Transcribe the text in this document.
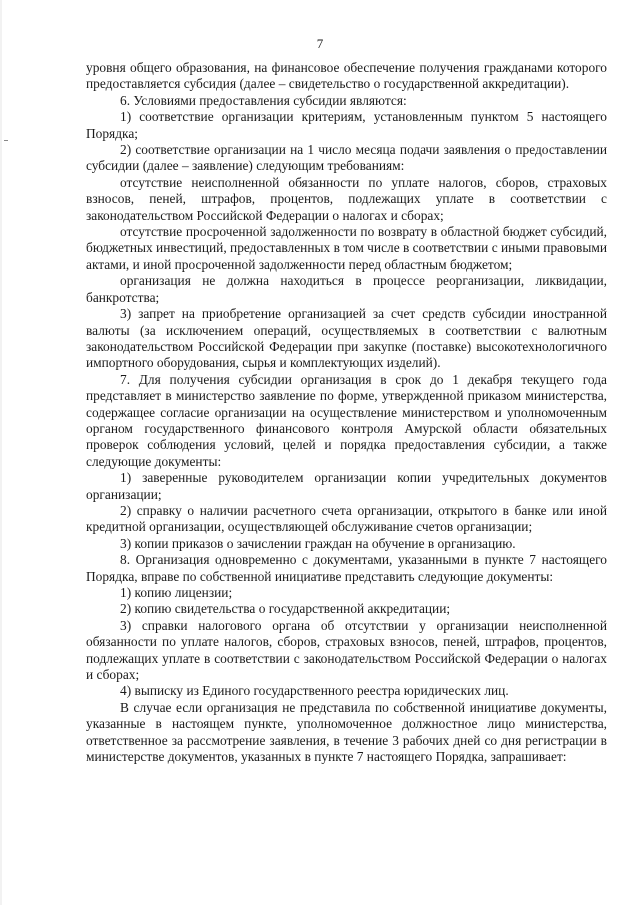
7

уровня общего образования, на финансовое обеспечение получения гражданами которого предоставляется субсидия (далее – свидетельство о государственной аккредитации).

6. Условиями предоставления субсидии являются:

1) соответствие организации критериям, установленным пунктом 5 настоящего Порядка;

2) соответствие организации на 1 число месяца подачи заявления о предоставлении субсидии (далее – заявление) следующим требованиям:

отсутствие неисполненной обязанности по уплате налогов, сборов, страховых взносов, пеней, штрафов, процентов, подлежащих уплате в соответствии с законодательством Российской Федерации о налогах и сборах;

отсутствие просроченной задолженности по возврату в областной бюджет субсидий, бюджетных инвестиций, предоставленных в том числе в соответствии с иными правовыми актами, и иной просроченной задолженности перед областным бюджетом;

организация не должна находиться в процессе реорганизации, ликвидации, банкротства;

3) запрет на приобретение организацией за счет средств субсидии иностранной валюты (за исключением операций, осуществляемых в соответствии с валютным законодательством Российской Федерации при закупке (поставке) высокотехнологичного импортного оборудования, сырья и комплектующих изделий).

7. Для получения субсидии организация в срок до 1 декабря текущего года представляет в министерство заявление по форме, утвержденной приказом министерства, содержащее согласие организации на осуществление министерством и уполномоченным органом государственного финансового контроля Амурской области обязательных проверок соблюдения условий, целей и порядка предоставления субсидии, а также следующие документы:

1) заверенные руководителем организации копии учредительных документов организации;

2) справку о наличии расчетного счета организации, открытого в банке или иной кредитной организации, осуществляющей обслуживание счетов организации;

3) копии приказов о зачислении граждан на обучение в организацию.

8. Организация одновременно с документами, указанными в пункте 7 настоящего Порядка, вправе по собственной инициативе представить следующие документы:

1) копию лицензии;

2) копию свидетельства о государственной аккредитации;

3) справки налогового органа об отсутствии у организации неисполненной обязанности по уплате налогов, сборов, страховых взносов, пеней, штрафов, процентов, подлежащих уплате в соответствии с законодательством Российской Федерации о налогах и сборах;

4) выписку из Единого государственного реестра юридических лиц.

В случае если организация не представила по собственной инициативе документы, указанные в настоящем пункте, уполномоченное должностное лицо министерства, ответственное за рассмотрение заявления, в течение 3 рабочих дней со дня регистрации в министерстве документов, указанных в пункте 7 настоящего Порядка, запрашивает:
